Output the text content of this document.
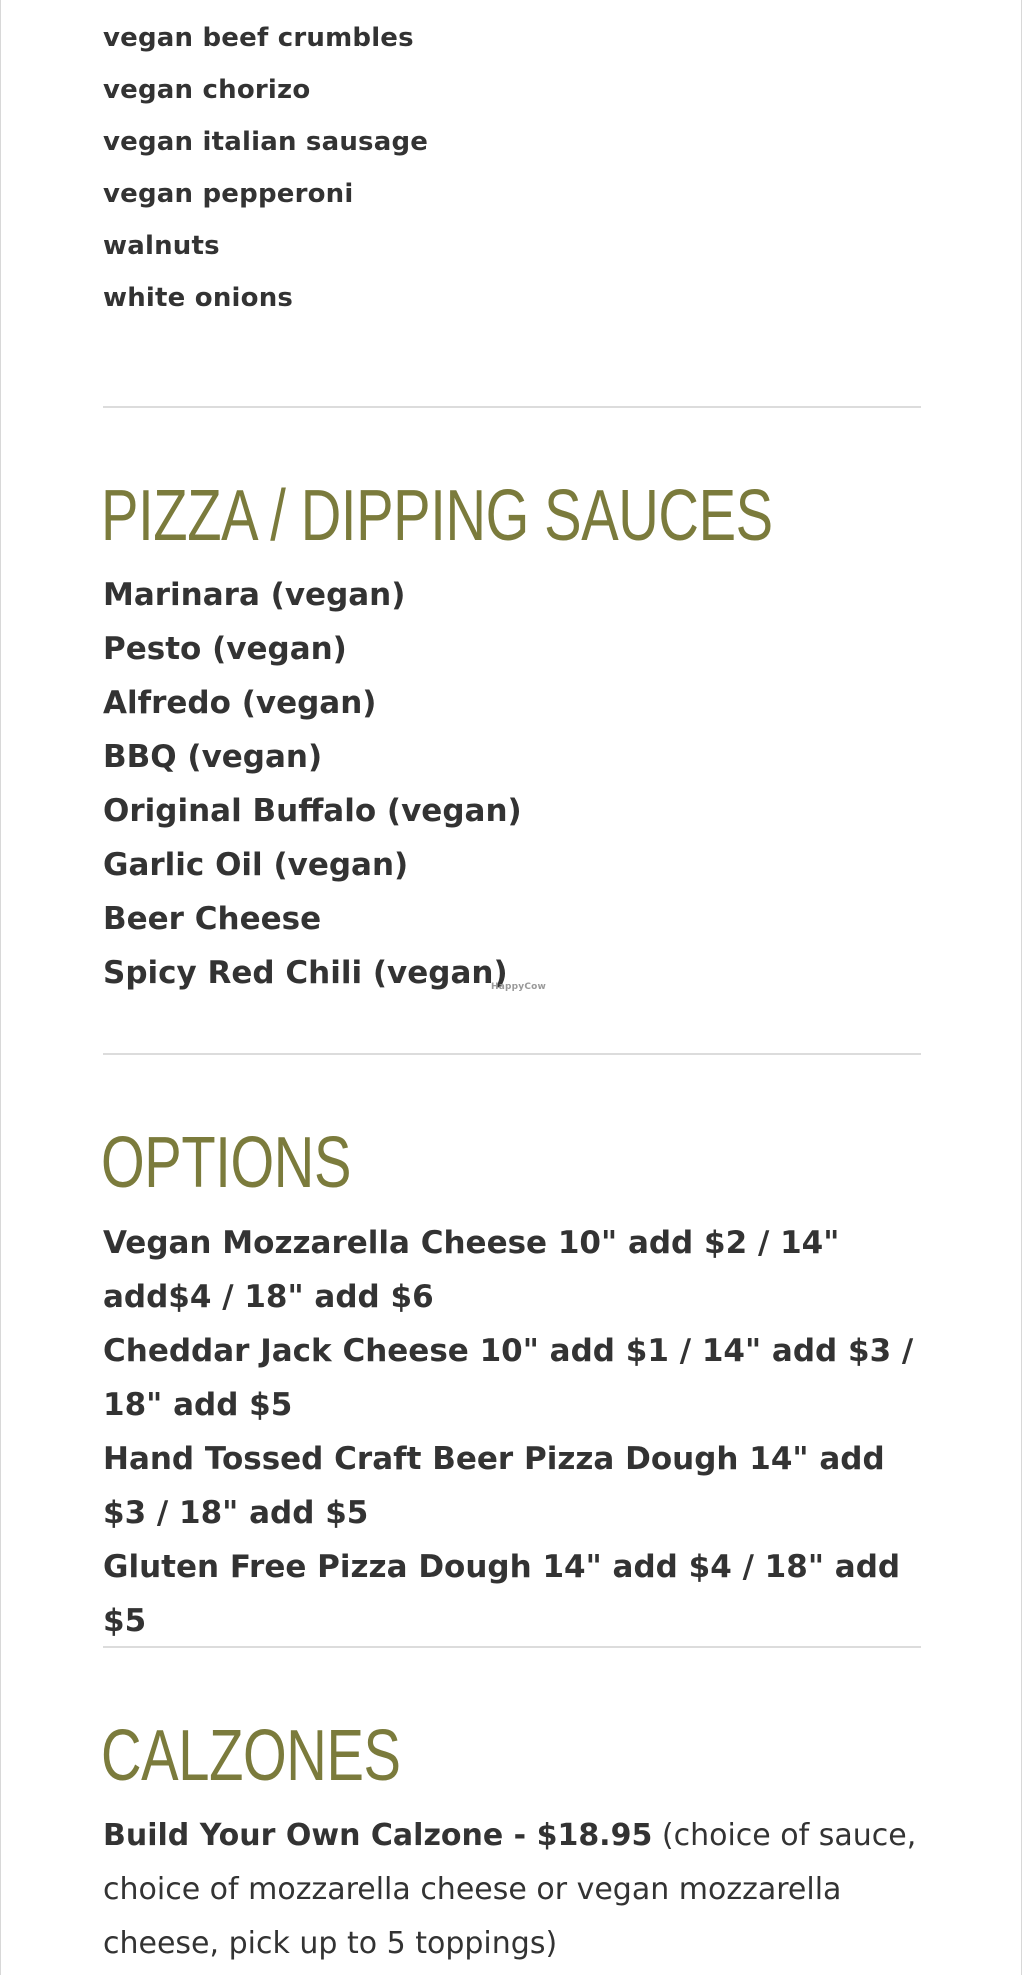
vegan beef crumbles
vegan chorizo
vegan italian sausage
vegan pepperoni
walnuts
white onions
PIZZA / DIPPING SAUCES
Marinara (vegan)
Pesto (vegan)
Alfredo (vegan)
BBQ (vegan)
Original Buffalo (vegan)
Garlic Oil (vegan)
Beer Cheese
Spicy Red Chili (vegan)
HappyCow
OPTIONS
Vegan Mozzarella Cheese 10" add $2 / 14" add$4 / 18" add $6
Cheddar Jack Cheese 10" add $1 / 14" add $3 / 18" add $5
Hand Tossed Craft Beer Pizza Dough 14" add $3 / 18" add $5
Gluten Free Pizza Dough 14" add $4 / 18" add $5
CALZONES
Build Your Own Calzone - $18.95 (choice of sauce, choice of mozzarella cheese or vegan mozzarella cheese, pick up to 5 toppings)
